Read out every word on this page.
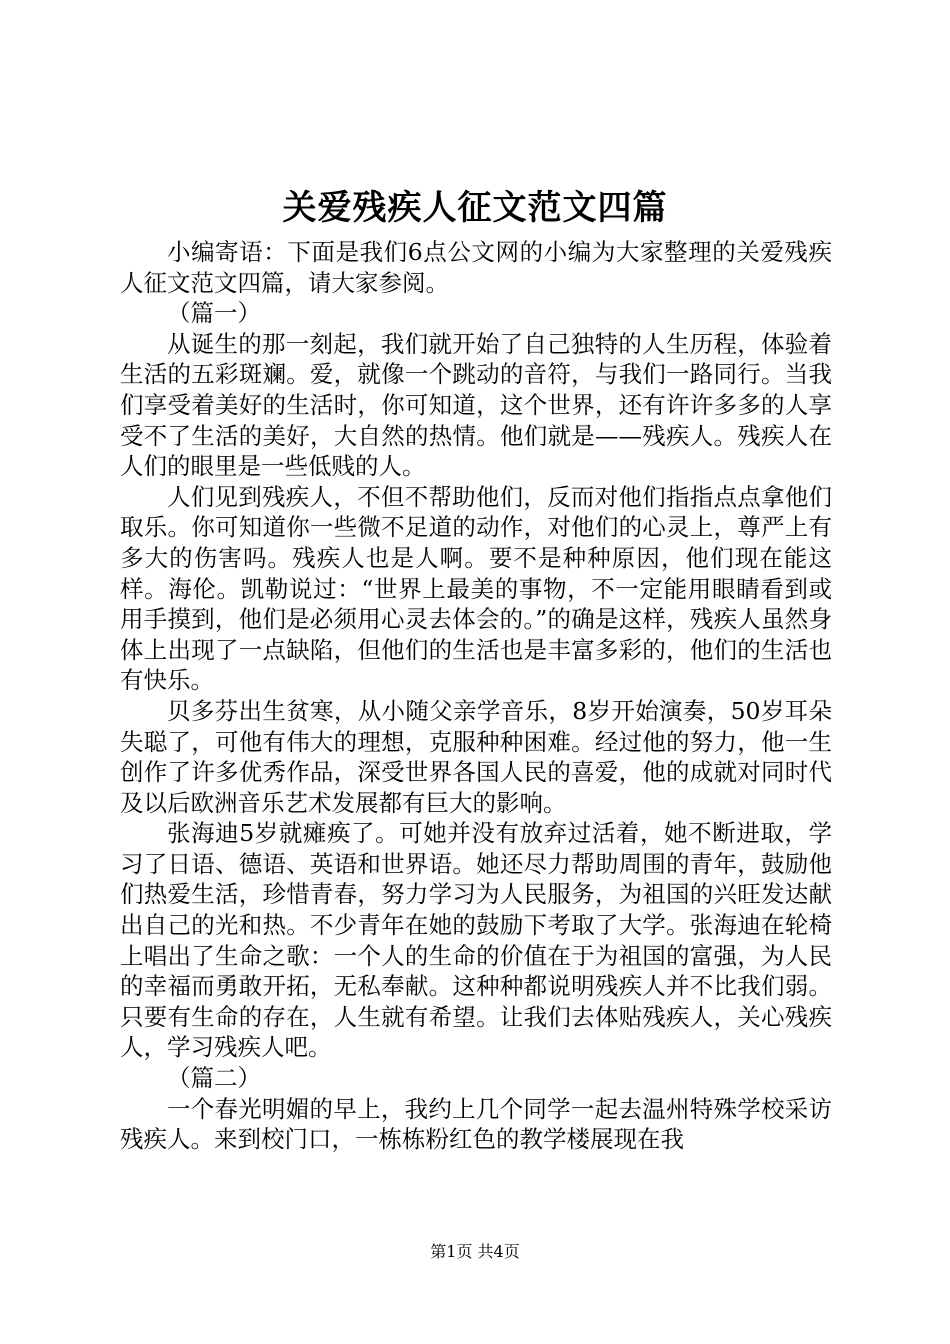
关爱残疾人征文范文四篇

小编寄语：下面是我们6点公文网的小编为大家整理的关爱残疾人征文范文四篇，请大家参阅。

（篇一）

从诞生的那一刻起，我们就开始了自己独特的人生历程，体验着生活的五彩斑斓。爱，就像一个跳动的音符，与我们一路同行。当我们享受着美好的生活时，你可知道，这个世界，还有许许多多的人享受不了生活的美好，大自然的热情。他们就是——残疾人。残疾人在人们的眼里是一些低贱的人。

人们见到残疾人，不但不帮助他们，反而对他们指指点点拿他们取乐。你可知道你一些微不足道的动作，对他们的心灵上，尊严上有多大的伤害吗。残疾人也是人啊。要不是种种原因，他们现在能这样。海伦。凯勒说过：“世界上最美的事物，不一定能用眼睛看到或用手摸到，他们是必须用心灵去体会的。”的确是这样，残疾人虽然身体上出现了一点缺陷，但他们的生活也是丰富多彩的，他们的生活也有快乐。

贝多芬出生贫寒，从小随父亲学音乐，8岁开始演奏，50岁耳朵失聪了，可他有伟大的理想，克服种种困难。经过他的努力，他一生创作了许多优秀作品，深受世界各国人民的喜爱，他的成就对同时代及以后欧洲音乐艺术发展都有巨大的影响。

张海迪5岁就瘫痪了。可她并没有放弃过活着，她不断进取，学习了日语、德语、英语和世界语。她还尽力帮助周围的青年，鼓励他们热爱生活，珍惜青春，努力学习为人民服务，为祖国的兴旺发达献出自己的光和热。不少青年在她的鼓励下考取了大学。张海迪在轮椅上唱出了生命之歌：一个人的生命的价值在于为祖国的富强，为人民的幸福而勇敢开拓，无私奉献。这种种都说明残疾人并不比我们弱。只要有生命的存在，人生就有希望。让我们去体贴残疾人，关心残疾人，学习残疾人吧。

（篇二）

一个春光明媚的早上，我约上几个同学一起去温州特殊学校采访残疾人。来到校门口，一栋栋粉红色的教学楼展现在我

第1页 共4页
